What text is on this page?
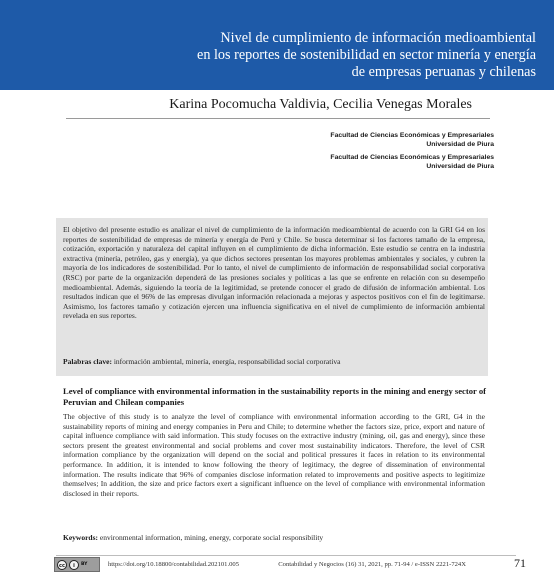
Nivel de cumplimiento de información medioambiental
en los reportes de sostenibilidad en sector minería y energía
de empresas peruanas y chilenas
Karina Pocomucha Valdivia, Cecilia Venegas Morales
Facultad de Ciencias Económicas y Empresariales
Universidad de Piura
Facultad de Ciencias Económicas y Empresariales
Universidad de Piura

El objetivo del presente estudio es analizar el nivel de cumplimiento de la información medioambiental de acuerdo con la GRI G4 en los reportes de sostenibilidad de empresas de minería y energía de Perú y Chile. Se busca determinar si los factores tamaño de la empresa, cotización, exportación y naturaleza del capital influyen en el cumplimiento de dicha información. Este estudio se centra en la industria extractiva (minería, petróleo, gas y energía), ya que dichos sectores presentan los mayores problemas ambientales y sociales, y cubren la mayoría de los indicadores de sostenibilidad. Por lo tanto, el nivel de cumplimiento de información de responsabilidad social corporativa (RSC) por parte de la organización dependerá de las presiones sociales y políticas a las que se enfrente en relación con su desempeño medioambiental. Además, siguiendo la teoría de la legitimidad, se pretende conocer el grado de difusión de información ambiental. Los resultados indican que el 96% de las empresas divulgan información relacionada a mejoras y aspectos positivos con el fin de legitimarse. Asimismo, los factores tamaño y cotización ejercen una influencia significativa en el nivel de cumplimiento de información ambiental revelada en sus reportes.

Palabras clave: información ambiental, minería, energía, responsabilidad social corporativa

Level of compliance with environmental information in the sustainability reports in the mining and energy sector of Peruvian and Chilean companies

The objective of this study is to analyze the level of compliance with environmental information according to the GRI, G4 in the sustainability reports of mining and energy companies in Peru and Chile; to determine whether the factors size, price, export and nature of capital influence compliance with said information. This study focuses on the extractive industry (mining, oil, gas and energy), since these sectors present the greatest environmental and social problems and cover most sustainability indicators. Therefore, the level of CSR information compliance by the organization will depend on the social and political pressures it faces in relation to its environmental performance. In addition, it is intended to know following the theory of legitimacy, the degree of dissemination of environmental information. The results indicate that 96% of companies disclose information related to improvements and positive aspects to legitimize themselves; In addition, the size and price factors exert a significant influence on the level of compliance with environmental information disclosed in their reports.

Keywords: environmental information, mining, energy, corporate social responsibility

cc	i	BY	https://doi.org/10.18800/contabilidad.202101.005	Contabilidad y Negocios (16) 31, 2021, pp. 71-94 / e-ISSN 2221-724X	71
